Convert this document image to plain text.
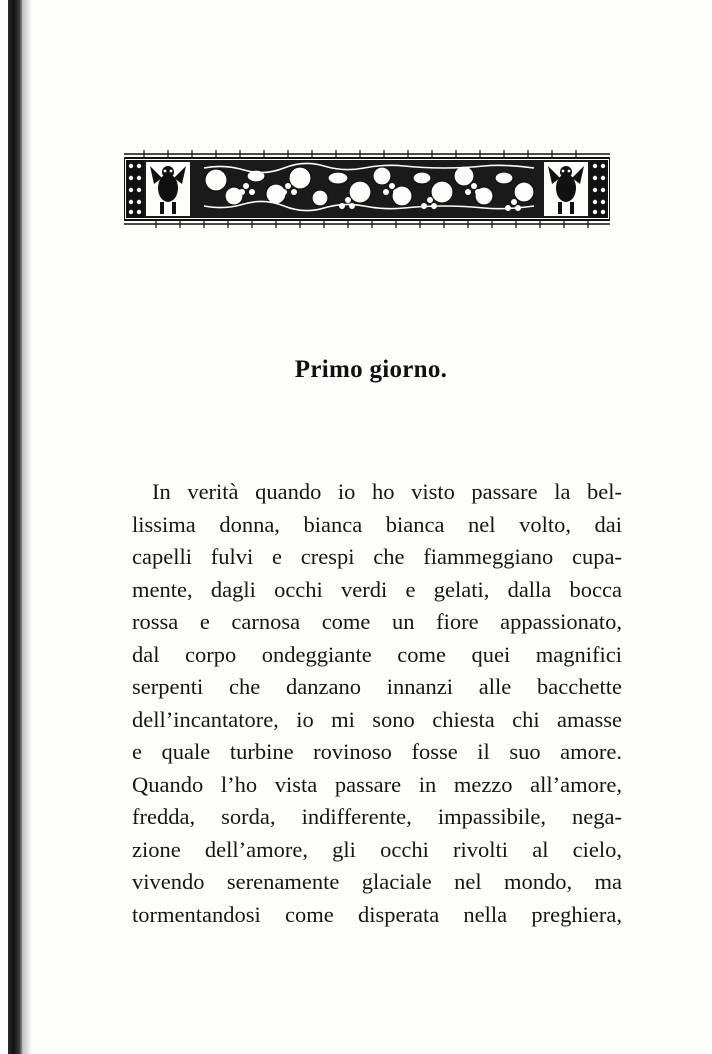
Primo giorno.
In verità quando io ho visto passare la bel-
lissima donna, bianca bianca nel volto, dai
capelli fulvi e crespi che fiammeggiano cupa-
mente, dagli occhi verdi e gelati, dalla bocca
rossa e carnosa come un fiore appassionato,
dal corpo ondeggiante come quei magnifici
serpenti che danzano innanzi alle bacchette
dell’incantatore, io mi sono chiesta chi amasse
e quale turbine rovinoso fosse il suo amore.
Quando l’ho vista passare in mezzo all’amore,
fredda, sorda, indifferente, impassibile, nega-
zione dell’amore, gli occhi rivolti al cielo,
vivendo serenamente glaciale nel mondo, ma
tormentandosi come disperata nella preghiera,
